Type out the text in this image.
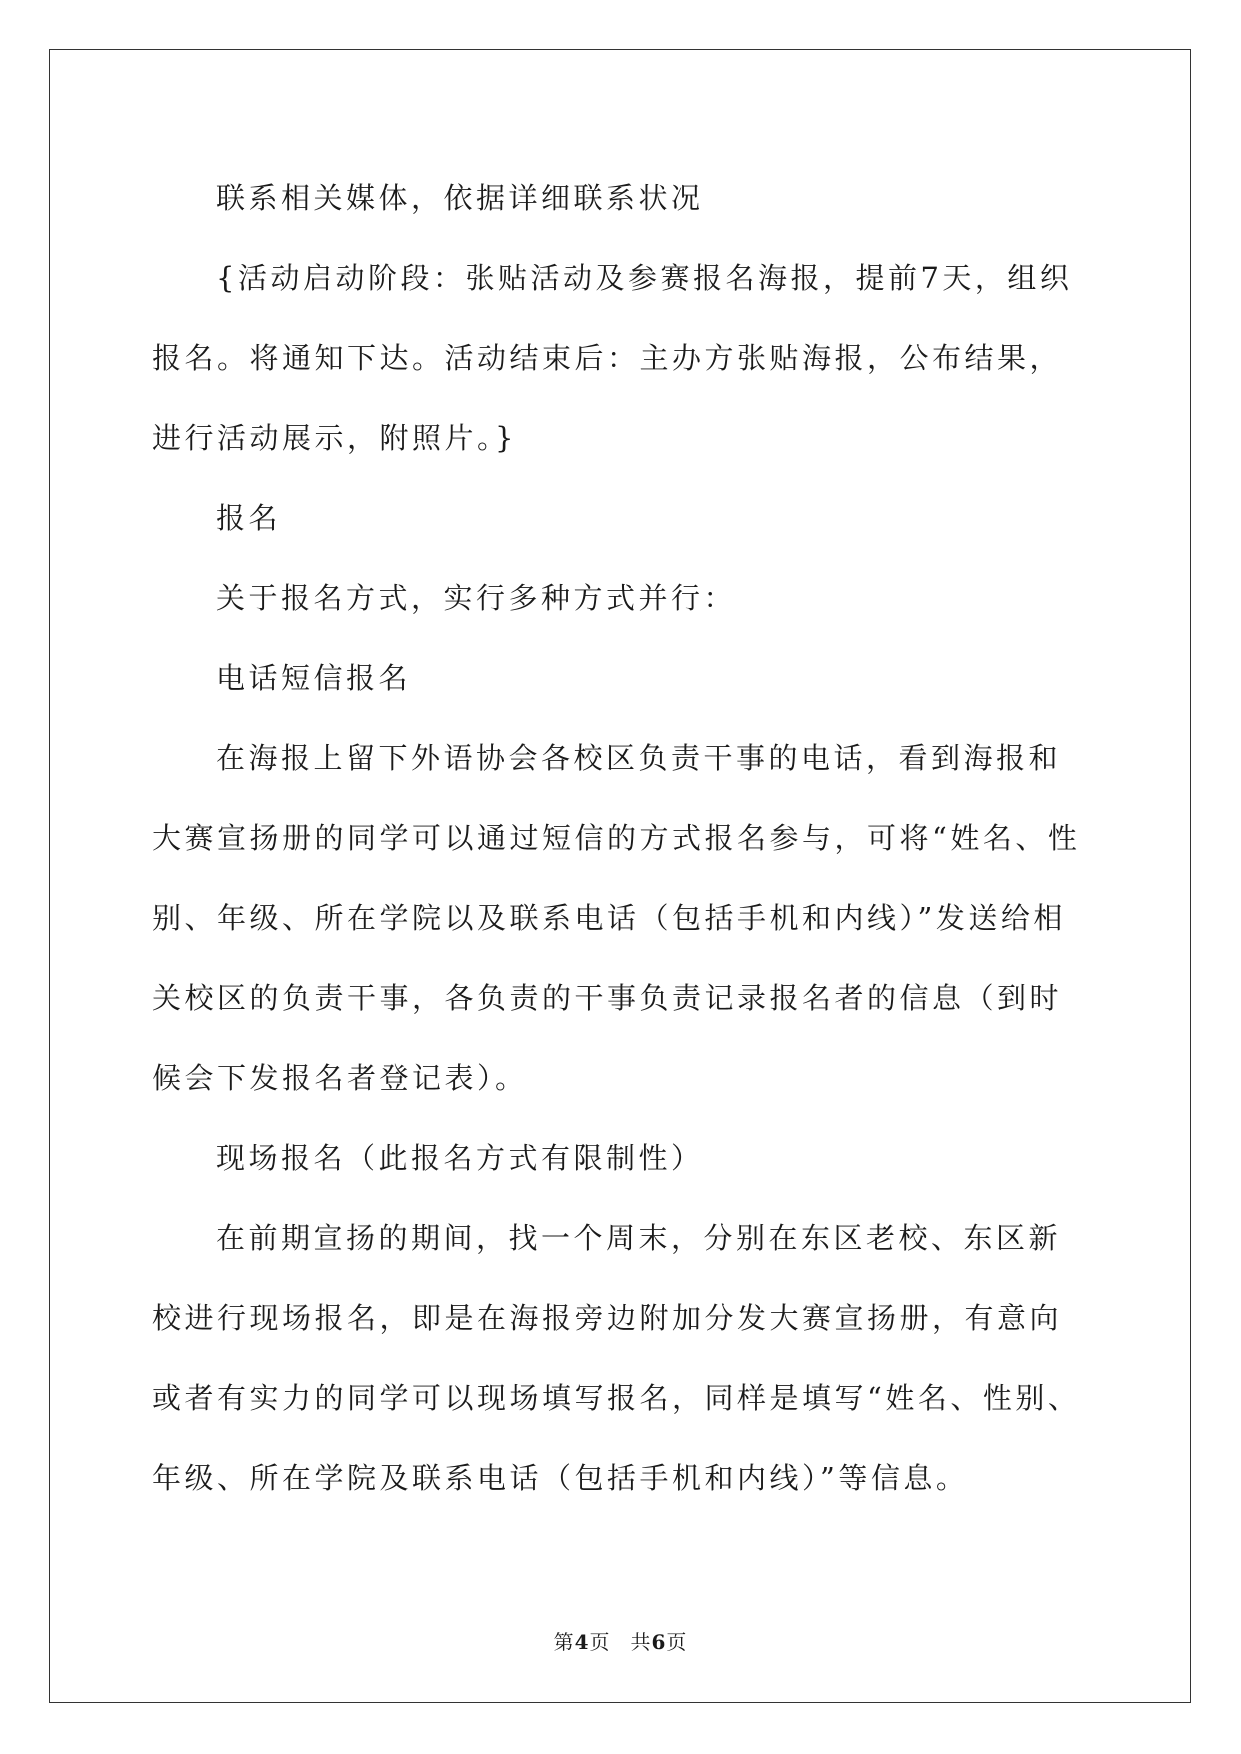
联系相关媒体，依据详细联系状况

{活动启动阶段：张贴活动及参赛报名海报，提前7天，组织报名。将通知下达。活动结束后：主办方张贴海报，公布结果，进行活动展示，附照片。}

报名

关于报名方式，实行多种方式并行：

电话短信报名

在海报上留下外语协会各校区负责干事的电话，看到海报和大赛宣扬册的同学可以通过短信的方式报名参与，可将“姓名、性别、年级、所在学院以及联系电话（包括手机和内线）”发送给相关校区的负责干事，各负责的干事负责记录报名者的信息（到时候会下发报名者登记表）。

现场报名（此报名方式有限制性）

在前期宣扬的期间，找一个周末，分别在东区老校、东区新校进行现场报名，即是在海报旁边附加分发大赛宣扬册，有意向或者有实力的同学可以现场填写报名，同样是填写“姓名、性别、年级、所在学院及联系电话（包括手机和内线）”等信息。

第4页 共6页
